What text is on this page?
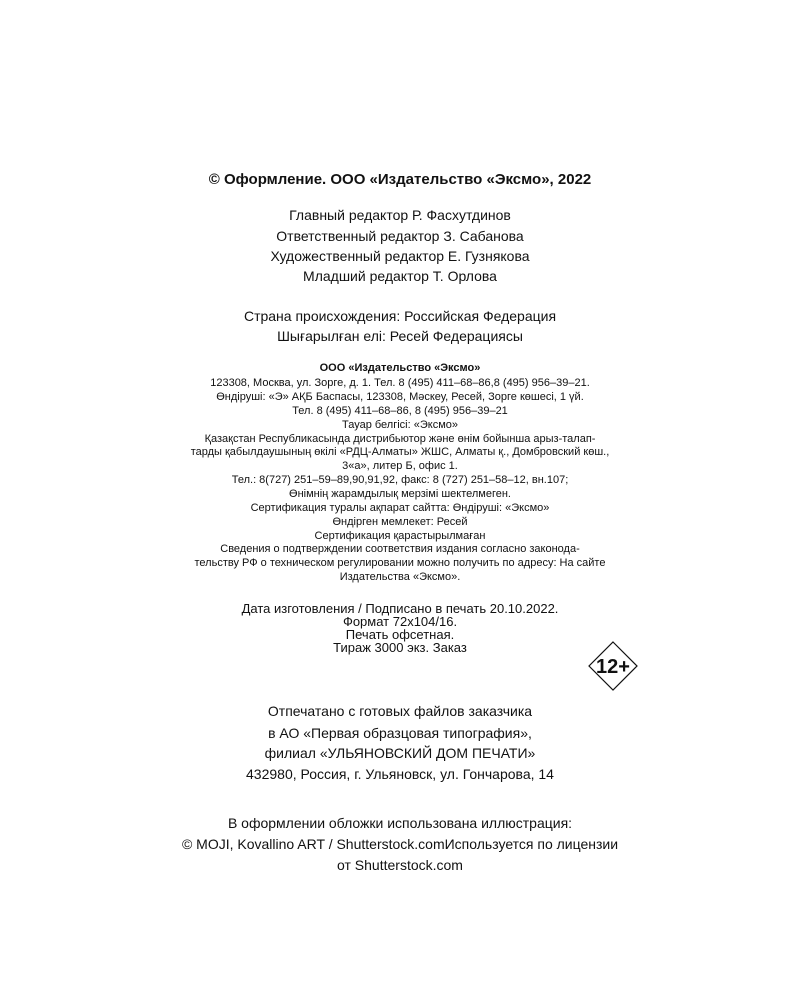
© Оформление. ООО «Издательство «Эксмо», 2022
Главный редактор Р. Фасхутдинов
Ответственный редактор З. Сабанова
Художественный редактор Е. Гузнякова
Младший редактор Т. Орлова
Страна происхождения: Российская Федерация
Шығарылған елі: Ресей Федерациясы
ООО «Издательство «Эксмо»
123308, Москва, ул. Зорге, д. 1. Тел. 8 (495) 411–68–86,8 (495) 956–39–21.
Өндіруші: «Э» АҚБ Баспасы, 123308, Мәскеу, Ресей, Зорге көшесі, 1 үй.
Тел. 8 (495) 411–68–86, 8 (495) 956–39–21
Тауар белгісі: «Эксмо»
Қазақстан Республикасында дистрибьютор және өнім бойынша арыз-талап-
тарды қабылдаушының өкілі «РДЦ-Алматы» ЖШС, Алматы қ., Домбровский көш.,
3«а», литер Б, офис 1.
Тел.: 8(727) 251–59–89,90,91,92, факс: 8 (727) 251–58–12, вн.107;
Өнімнің жарамдылық мерзімі шектелмеген.
Сертификация туралы ақпарат сайтта: Өндіруші: «Эксмо»
Өндірген мемлекет: Ресей
Сертификация қарастырылмаған
Сведения о подтверждении соответствия издания согласно законода-
тельству РФ о техническом регулировании можно получить по адресу: На сайте
Издательства «Эксмо».
Дата изготовления / Подписано в печать 20.10.2022.
Формат 72x104/16.
Печать офсетная.
Тираж 3000 экз. Заказ
12+
Отпечатано с готовых файлов заказчика
в АО «Первая образцовая типография»,
филиал «УЛЬЯНОВСКИЙ ДОМ ПЕЧАТИ»
432980, Россия, г. Ульяновск, ул. Гончарова, 14
В оформлении обложки использована иллюстрация:
© MOJI, Kovallino ART / Shutterstock.comИспользуется по лицензии
от Shutterstock.com
